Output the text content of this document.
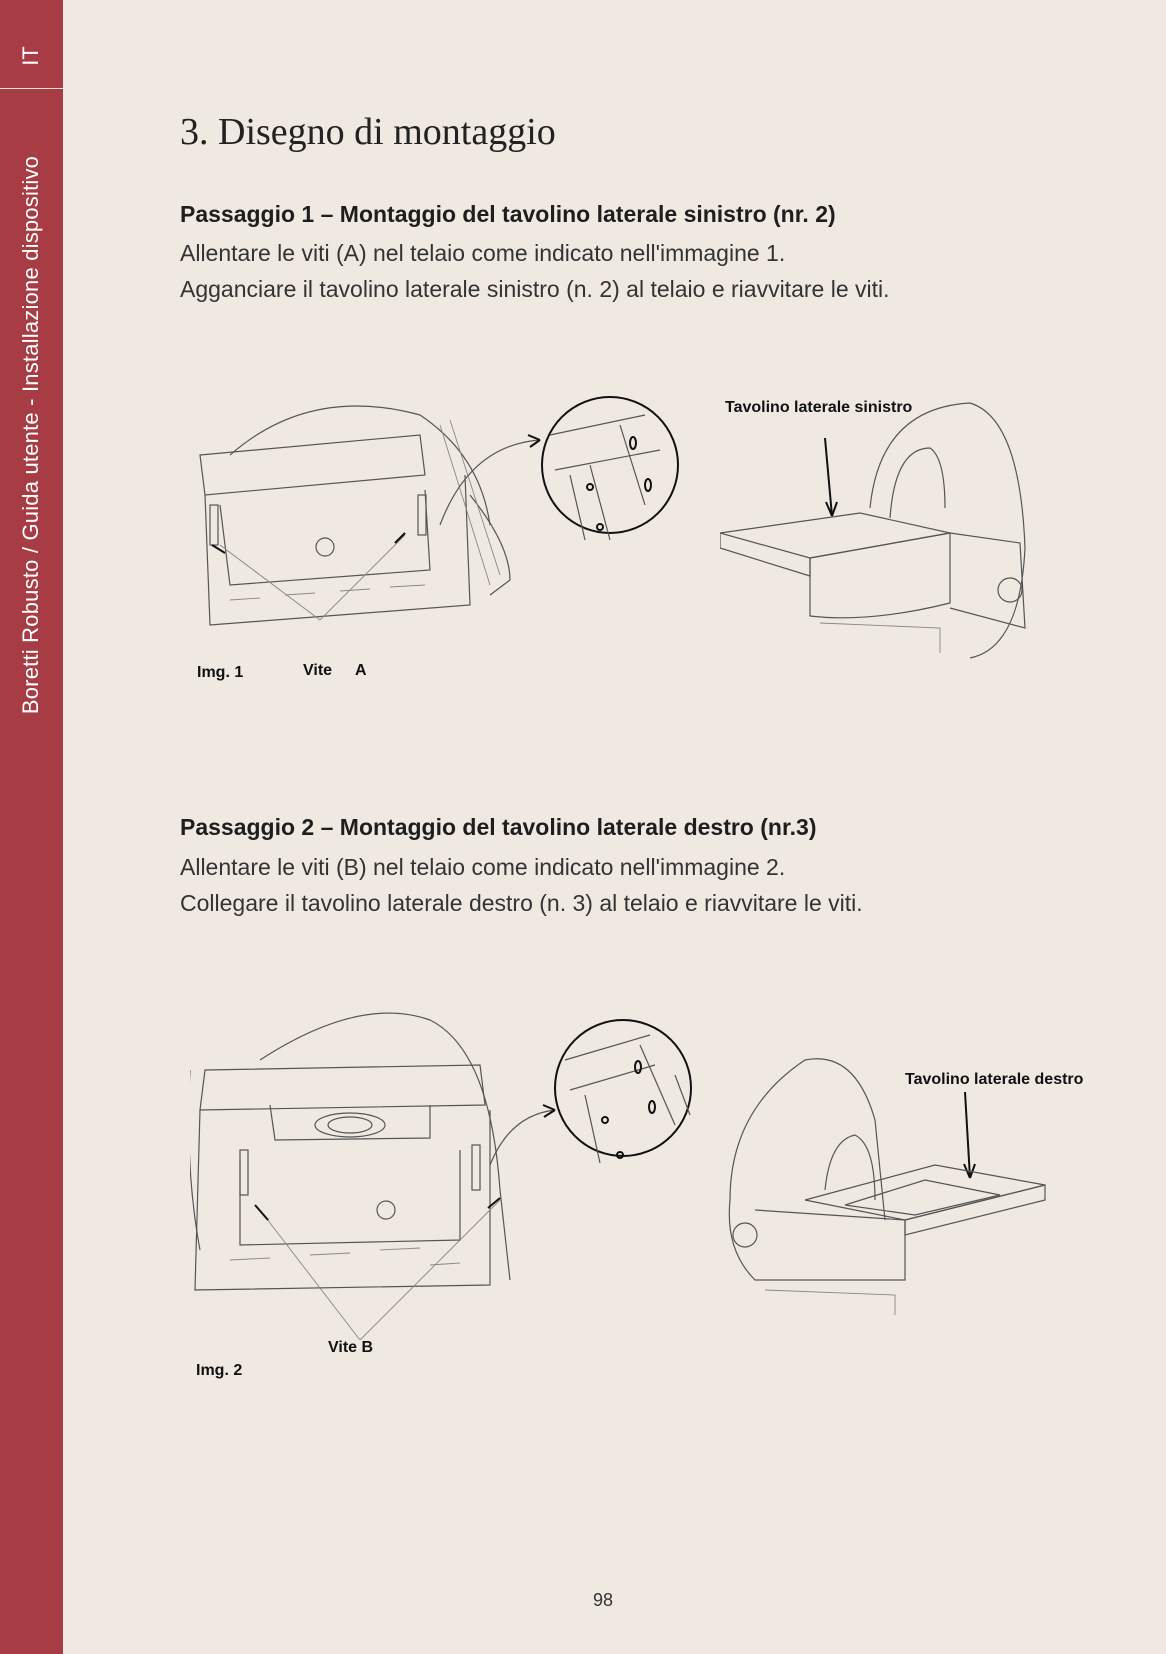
IT
Boretti Robusto / Guida utente - Installazione dispositivo
3. Disegno di montaggio
Passaggio 1 – Montaggio del tavolino laterale sinistro (nr. 2)

Allentare le viti (A) nel telaio come indicato nell'immagine 1.

Agganciare il tavolino laterale sinistro (n. 2) al telaio e riavvitare le viti.

Tavolino laterale sinistro
Img. 1	Vite A
Passaggio 2 – Montaggio del tavolino laterale destro (nr.3)

Allentare le viti (B) nel telaio come indicato nell'immagine 2.

Collegare il tavolino laterale destro (n. 3) al telaio e riavvitare le viti.

Tavolino laterale destro
Vite B
Img. 2
98
